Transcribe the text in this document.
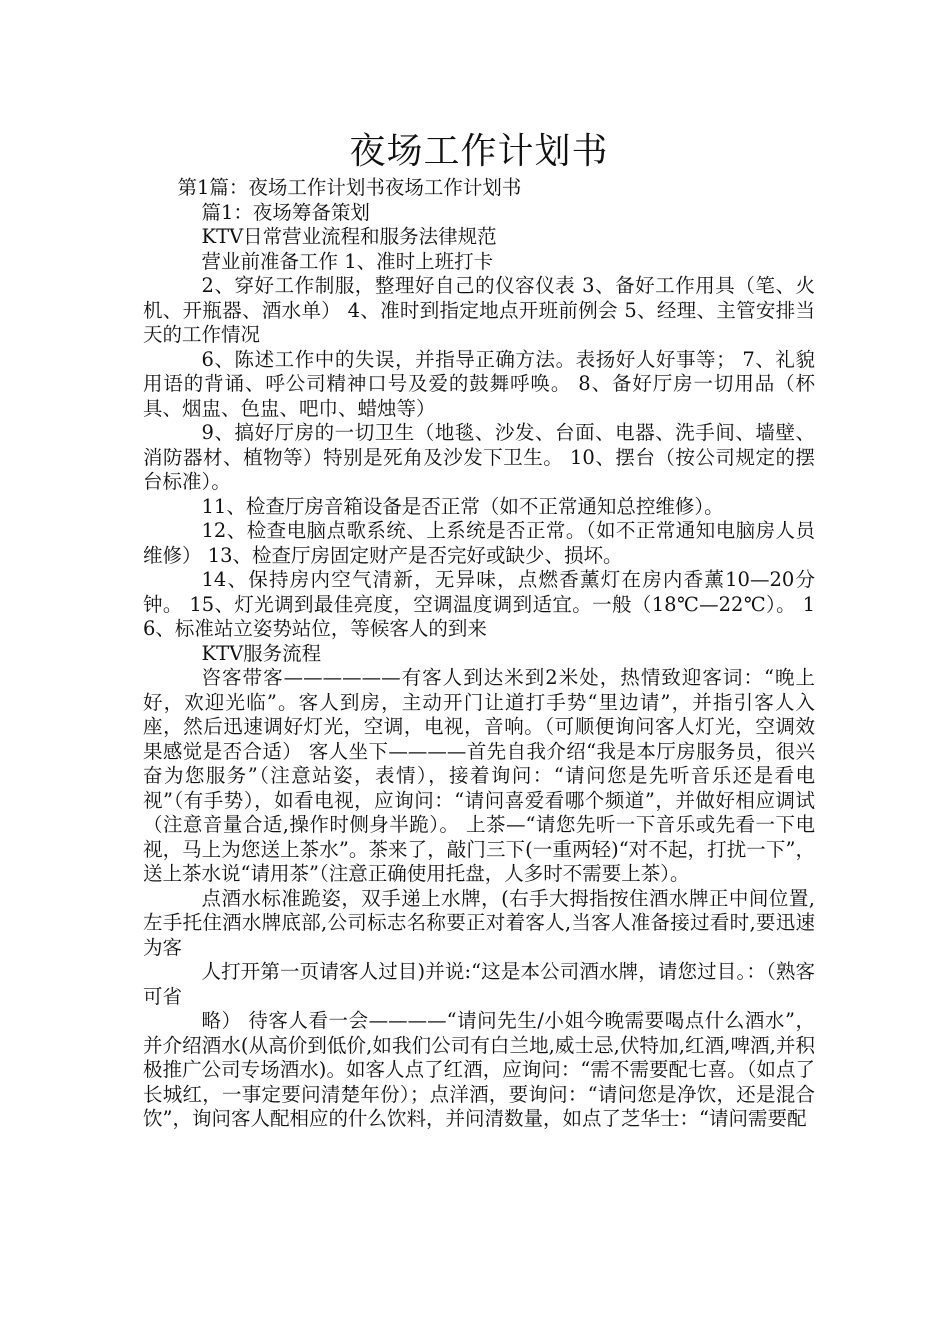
夜场工作计划书

第1篇：夜场工作计划书夜场工作计划书

篇1：夜场筹备策划

KTV日常营业流程和服务法律规范

营业前准备工作 1、准时上班打卡

2、穿好工作制服，整理好自己的仪容仪表 3、备好工作用具（笔、火机、开瓶器、酒水单） 4、准时到指定地点开班前例会 5、经理、主管安排当天的工作情况

6、陈述工作中的失误，并指导正确方法。表扬好人好事等； 7、礼貌用语的背诵、呼公司精神口号及爱的鼓舞呼唤。 8、备好厅房一切用品（杯具、烟盅、色盅、吧巾、蜡烛等）

9、搞好厅房的一切卫生（地毯、沙发、台面、电器、洗手间、墙壁、消防器材、植物等）特别是死角及沙发下卫生。 10、摆台（按公司规定的摆台标准）。

11、检查厅房音箱设备是否正常（如不正常通知总控维修）。

12、检查电脑点歌系统、上系统是否正常。（如不正常通知电脑房人员维修） 13、检查厅房固定财产是否完好或缺少、损坏。

14、保持房内空气清新，无异味，点燃香薰灯在房内香薰10—20分钟。 15、灯光调到最佳亮度，空调温度调到适宜。一般（18℃—22℃）。 16、标准站立姿势站位，等候客人的到来

KTV服务流程

咨客带客——————有客人到达米到2米处，热情致迎客词：“晚上好，欢迎光临”。客人到房，主动开门让道打手势“里边请”，并指引客人入座，然后迅速调好灯光，空调，电视，音响。（可顺便询问客人灯光，空调效果感觉是否合适） 客人坐下————首先自我介绍“我是本厅房服务员，很兴奋为您服务”（注意站姿，表情），接着询问：“请问您是先听音乐还是看电视”（有手势），如看电视，应询问：“请问喜爱看哪个频道”，并做好相应调试（注意音量合适,操作时侧身半跪）。 上茶—“请您先听一下音乐或先看一下电视，马上为您送上茶水”。茶来了，敲门三下(一重两轻)“对不起，打扰一下”，送上茶水说“请用茶”（注意正确使用托盘，人多时不需要上茶）。

点酒水标准跪姿，双手递上水牌，(右手大拇指按住酒水牌正中间位置,左手托住酒水牌底部,公司标志名称要正对着客人,当客人准备接过看时,要迅速为客

人打开第一页请客人过目)并说:“这是本公司酒水牌，请您过目。：（熟客可省

略） 待客人看一会————“请问先生/小姐今晚需要喝点什么酒水”，并介绍酒水(从高价到低价,如我们公司有白兰地,威士忌,伏特加,红酒,啤酒,并积极推广公司专场酒水)。如客人点了红酒，应询问：“需不需要配七喜。（如点了长城红，一事定要问清楚年份）；点洋酒，要询问：“请问您是净饮，还是混合饮”，询问客人配相应的什么饮料，并问清数量，如点了芝华士：“请问需要配
